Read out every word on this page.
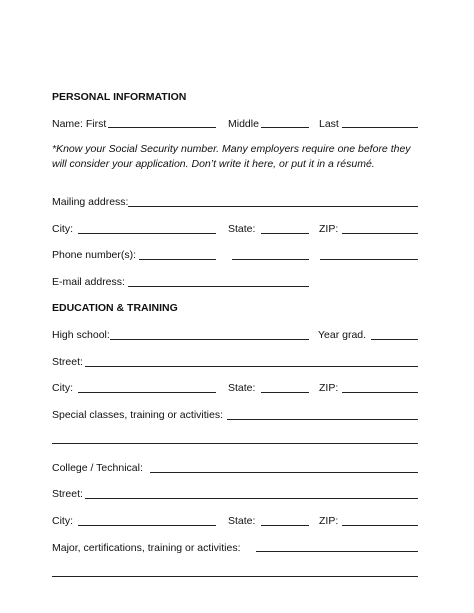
PERSONAL INFORMATION
Name: First	Middle	Last
*Know your Social Security number. Many employers require one before they will consider your application. Don’t write it here, or put it in a résumé.
Mailing address:
City:	State:	ZIP:
Phone number(s):
E-mail address:
EDUCATION & TRAINING
High school:	Year grad.
Street:
City:	State:	ZIP:
Special classes, training or activities:
College / Technical:
Street:
City:	State:	ZIP:
Major, certifications, training or activities:
